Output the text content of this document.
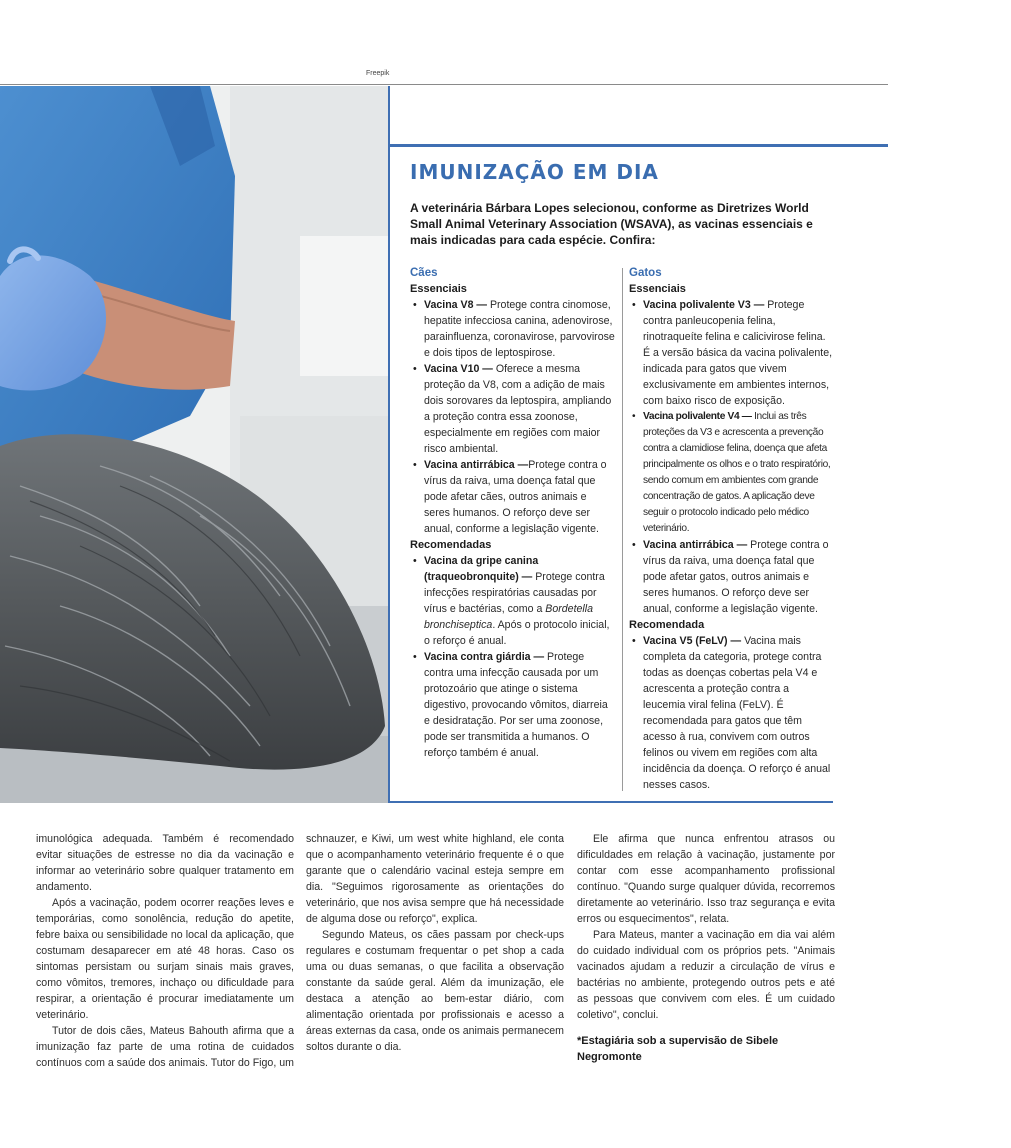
Freepik
IMUNIZAÇÃO EM DIA

A veterinária Bárbara Lopes selecionou, conforme as Diretrizes World Small Animal Veterinary Association (WSAVA), as vacinas essenciais e mais indicadas para cada espécie. Confira:

Cães

Essenciais

• Vacina V8 — Protege contra cinomose, hepatite infecciosa canina, adenovirose, parainfluenza, coronavirose, parvovirose e dois tipos de leptospirose.
• Vacina V10 — Oferece a mesma proteção da V8, com a adição de mais dois sorovares da leptospira, ampliando a proteção contra essa zoonose, especialmente em regiões com maior risco ambiental.
• Vacina antirrábica —Protege contra o vírus da raiva, uma doença fatal que pode afetar cães, outros animais e seres humanos. O reforço deve ser anual, conforme a legislação vigente.

Recomendadas

• Vacina da gripe canina (traqueobronquite) — Protege contra infecções respiratórias causadas por vírus e bactérias, como a Bordetella bronchiseptica. Após o protocolo inicial, o reforço é anual.
• Vacina contra giárdia — Protege contra uma infecção causada por um protozoário que atinge o sistema digestivo, provocando vômitos, diarreia e desidratação. Por ser uma zoonose, pode ser transmitida a humanos. O reforço também é anual.

Gatos

Essenciais

• Vacina polivalente V3 — Protege contra panleucopenia felina, rinotraqueíte felina e calicivirose felina. É a versão básica da vacina polivalente, indicada para gatos que vivem exclusivamente em ambientes internos, com baixo risco de exposição.
• Vacina polivalente V4 — Inclui as três proteções da V3 e acrescenta a prevenção contra a clamidiose felina, doença que afeta principalmente os olhos e o trato respiratório, sendo comum em ambientes com grande concentração de gatos. A aplicação deve seguir o protocolo indicado pelo médico veterinário.
• Vacina antirrábica — Protege contra o vírus da raiva, uma doença fatal que pode afetar gatos, outros animais e seres humanos. O reforço deve ser anual, conforme a legislação vigente.

Recomendada

• Vacina V5 (FeLV) — Vacina mais completa da categoria, protege contra todas as doenças cobertas pela V4 e acrescenta a proteção contra a leucemia viral felina (FeLV). É recomendada para gatos que têm acesso à rua, convivem com outros felinos ou vivem em regiões com alta incidência da doença. O reforço é anual nesses casos.

imunológica adequada. Também é recomendado evitar situações de estresse no dia da vacinação e informar ao veterinário sobre qualquer tratamento em andamento.

Após a vacinação, podem ocorrer reações leves e temporárias, como sonolência, redução do apetite, febre baixa ou sensibilidade no local da aplicação, que costumam desaparecer em até 48 horas. Caso os sintomas persistam ou surjam sinais mais graves, como vômitos, tremores, inchaço ou dificuldade para respirar, a orientação é procurar imediatamente um veterinário.

Tutor de dois cães, Mateus Bahouth afirma que a imunização faz parte de uma rotina de cuidados contínuos com a saúde dos animais. Tutor do Figo, um

schnauzer, e Kiwi, um west white highland, ele conta que o acompanhamento veterinário frequente é o que garante que o calendário vacinal esteja sempre em dia. "Seguimos rigorosamente as orientações do veterinário, que nos avisa sempre que há necessidade de alguma dose ou reforço", explica.

Segundo Mateus, os cães passam por check-ups regulares e costumam frequentar o pet shop a cada uma ou duas semanas, o que facilita a observação constante da saúde geral. Além da imunização, ele destaca a atenção ao bem-estar diário, com alimentação orientada por profissionais e acesso a áreas externas da casa, onde os animais permanecem soltos durante o dia.

Ele afirma que nunca enfrentou atrasos ou dificuldades em relação à vacinação, justamente por contar com esse acompanhamento profissional contínuo. "Quando surge qualquer dúvida, recorremos diretamente ao veterinário. Isso traz segurança e evita erros ou esquecimentos", relata.

Para Mateus, manter a vacinação em dia vai além do cuidado individual com os próprios pets. "Animais vacinados ajudam a reduzir a circulação de vírus e bactérias no ambiente, protegendo outros pets e até as pessoas que convivem com eles. É um cuidado coletivo", conclui.

*Estagiária sob a supervisão de Sibele Negromonte
